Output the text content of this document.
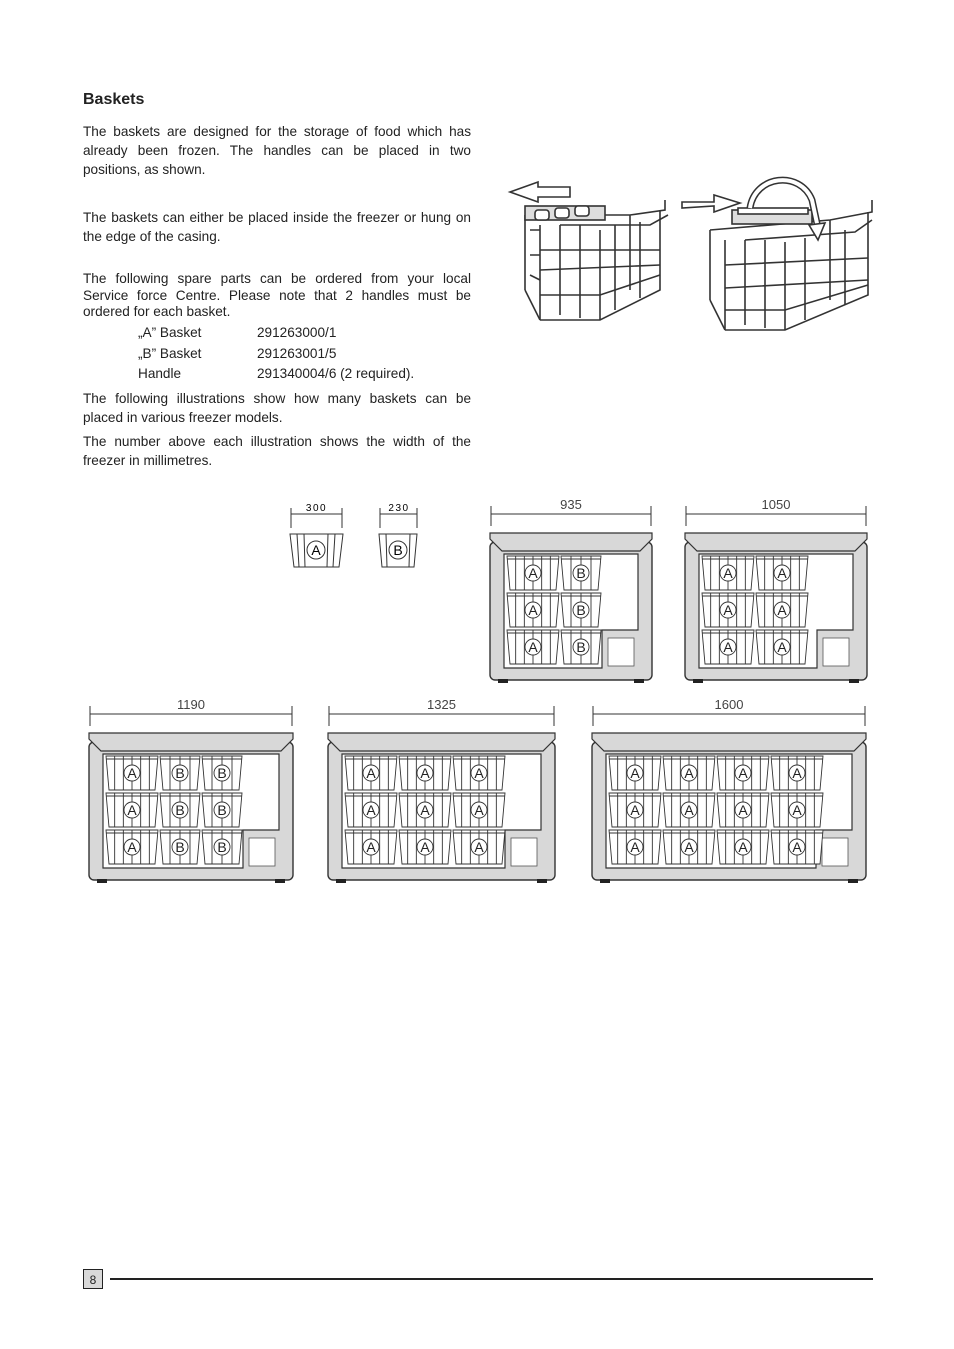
Baskets

The baskets are designed for the storage of food which has already been frozen. The handles can be placed in two positions, as shown.

The baskets can either be placed inside the freezer or hung on the edge of the casing.

The following spare parts can be ordered from your local Service force Centre. Please note that 2 handles must be ordered for each basket.

„A” Basket	291263000/1
„B” Basket	291263001/5
Handle	291340004/6 (2 required).

The following illustrations show how many baskets can be placed in various freezer models.

The number above each illustration shows the width of the freezer in millimetres.

300
A
230
B
935
A	B
A	B
A	B
1050
A	A
A	A
A	A
1190
A	B B
A	B B
A	B B
1325
A	A	A
A	A	A
A	A	A
1600
A	A	A	A
A	A	A	A
A	A	A	A
8
